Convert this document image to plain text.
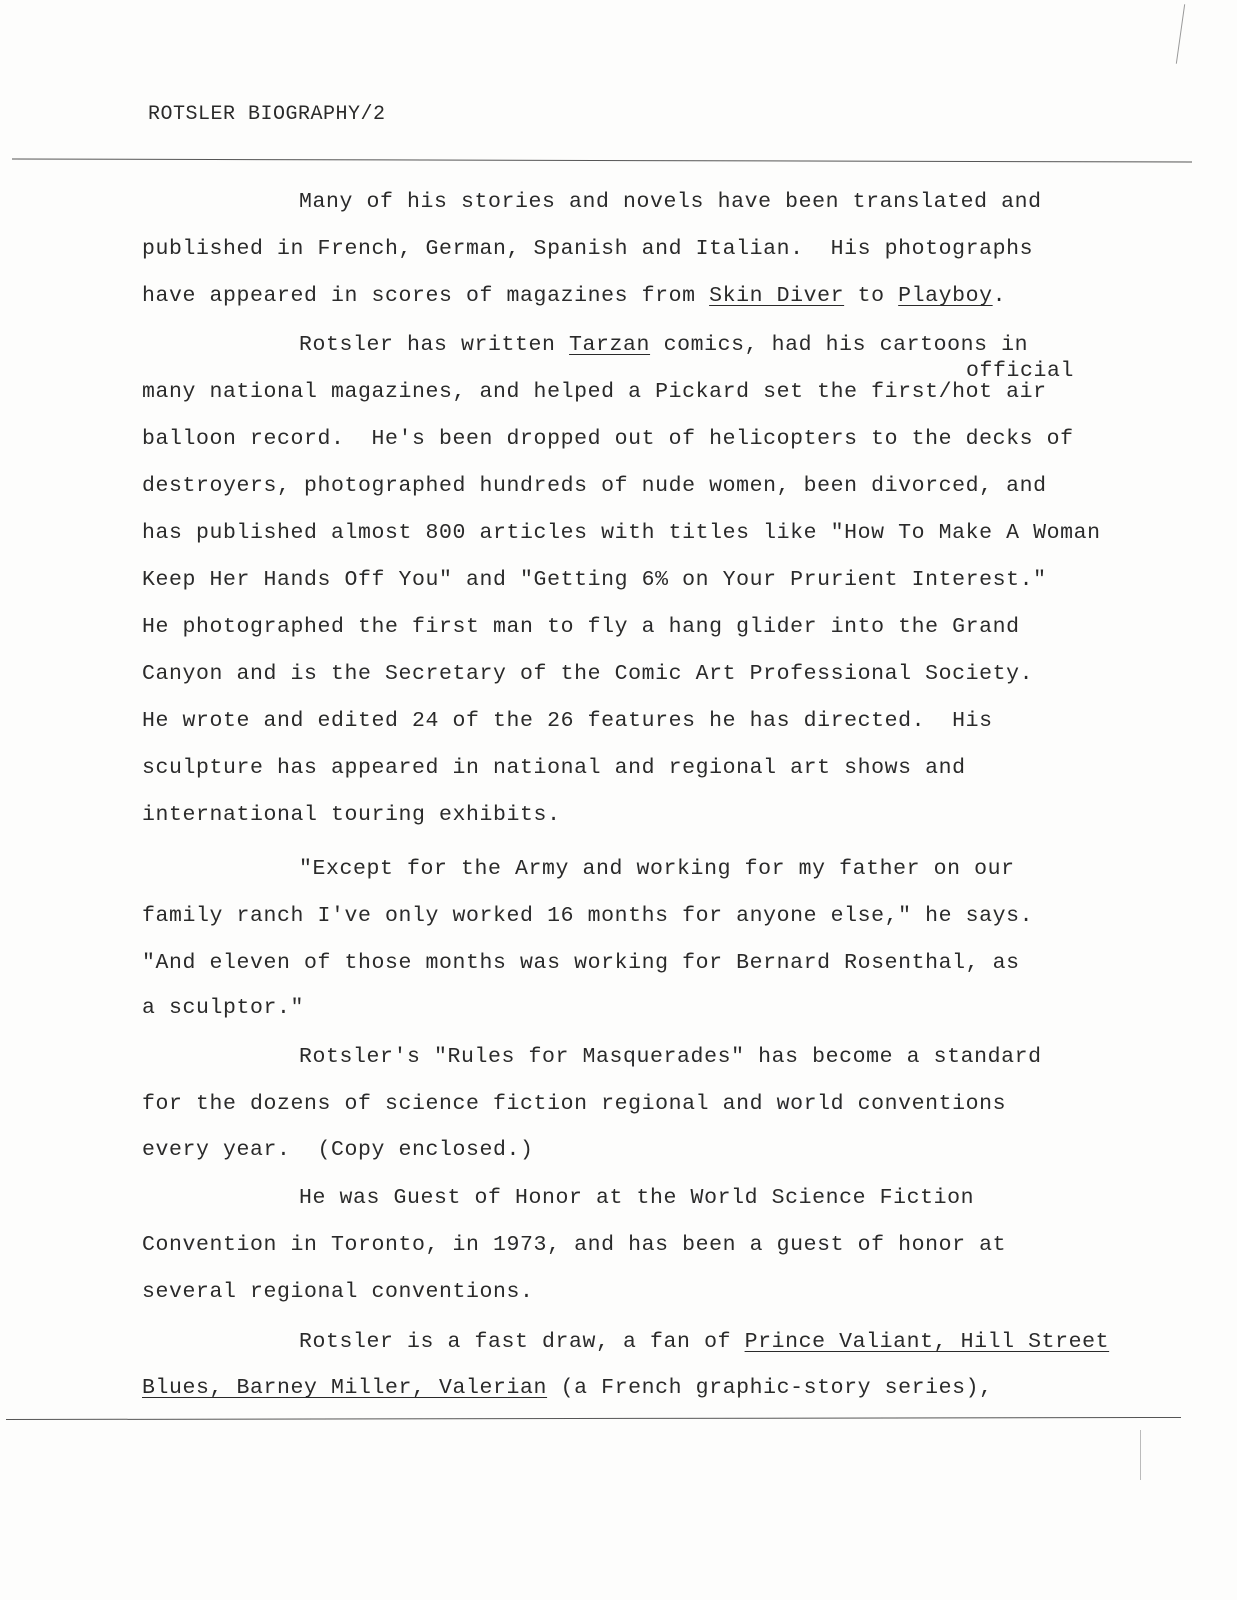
ROTSLER BIOGRAPHY/2
official
Many of his stories and novels have been translated and
published in French, German, Spanish and Italian.  His photographs
have appeared in scores of magazines from Skin Diver to Playboy.
Rotsler has written Tarzan comics, had his cartoons in
many national magazines, and helped a Pickard set the first/hot air
balloon record.  He's been dropped out of helicopters to the decks of
destroyers, photographed hundreds of nude women, been divorced, and
has published almost 800 articles with titles like "How To Make A Woman
Keep Her Hands Off You" and "Getting 6% on Your Prurient Interest."
He photographed the first man to fly a hang glider into the Grand
Canyon and is the Secretary of the Comic Art Professional Society.
He wrote and edited 24 of the 26 features he has directed.  His
sculpture has appeared in national and regional art shows and
international touring exhibits.
"Except for the Army and working for my father on our
family ranch I've only worked 16 months for anyone else," he says.
"And eleven of those months was working for Bernard Rosenthal, as
a sculptor."
Rotsler's "Rules for Masquerades" has become a standard
for the dozens of science fiction regional and world conventions
every year.  (Copy enclosed.)
He was Guest of Honor at the World Science Fiction
Convention in Toronto, in 1973, and has been a guest of honor at
several regional conventions.
Rotsler is a fast draw, a fan of Prince Valiant, Hill Street
Blues, Barney Miller, Valerian (a French graphic-story series),
